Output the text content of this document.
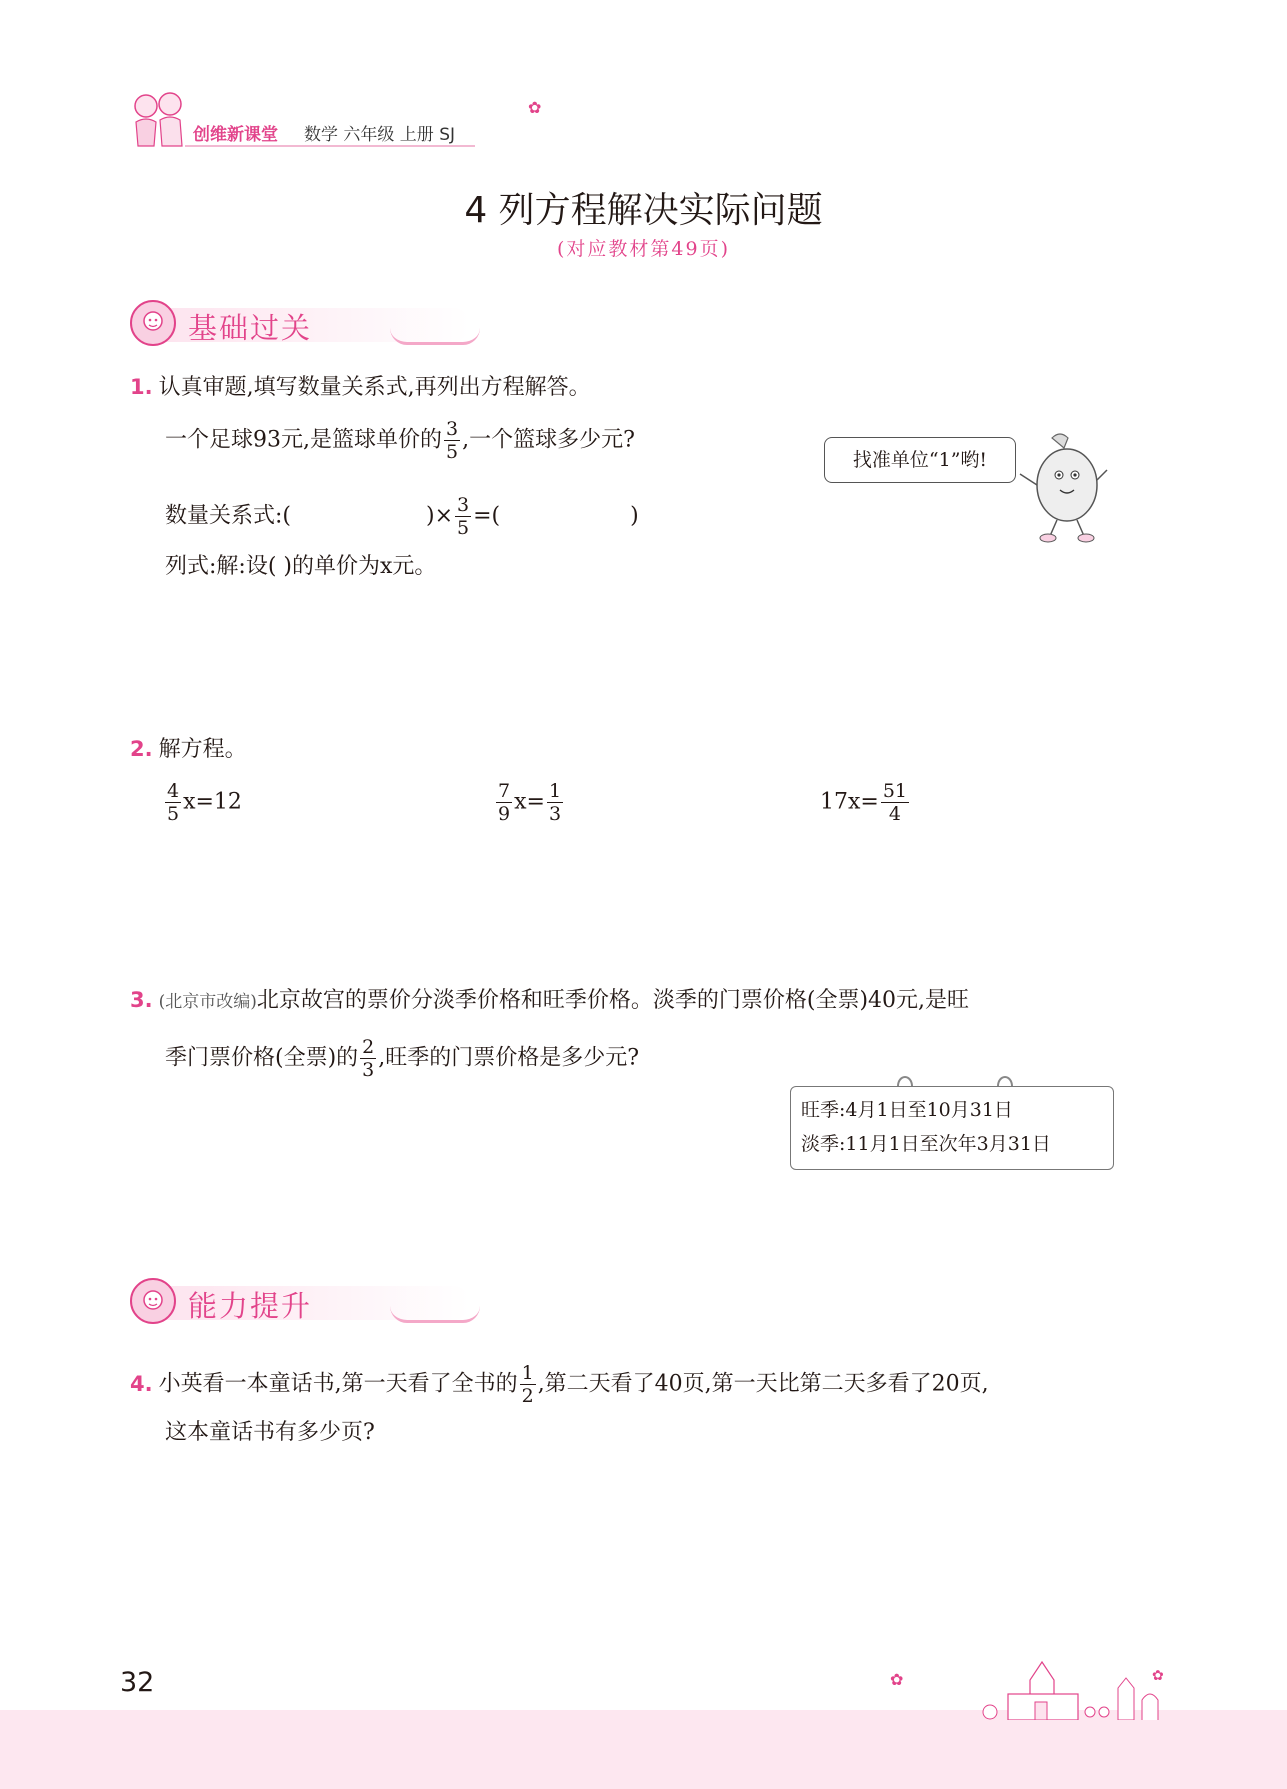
创维新课堂 数学 六年级 上册 SJ
✿
4 列方程解决实际问题
(对应教材第49页)
基础过关
1. 认真审题,填写数量关系式,再列出方程解答。
一个足球93元,是篮球单价的 $\frac{3}{5}$ ,一个篮球多少元?
数量关系式:(	)× $\frac{3}{5}$ =(	)
列式:解:设( )的单价为x元。
找准单位“1”哟!
2. 解方程。
$\frac{4}{5} x=12$	$\frac{7}{9} x= \frac{1}{3}$	$17x= \frac{51}{4}$
3. (北京市改编)北京故宫的票价分淡季价格和旺季价格。淡季的门票价格(全票)40元,是旺
季门票价格(全票)的 $\frac{2}{3}$ ,旺季的门票价格是多少元?
旺季:4月1日至10月31日
淡季:11月1日至次年3月31日
能力提升
4. 小英看一本童话书,第一天看了全书的 $\frac{1}{2}$ ,第二天看了40页,第一天比第二天多看了20页,
这本童话书有多少页?
32	✿	✿
